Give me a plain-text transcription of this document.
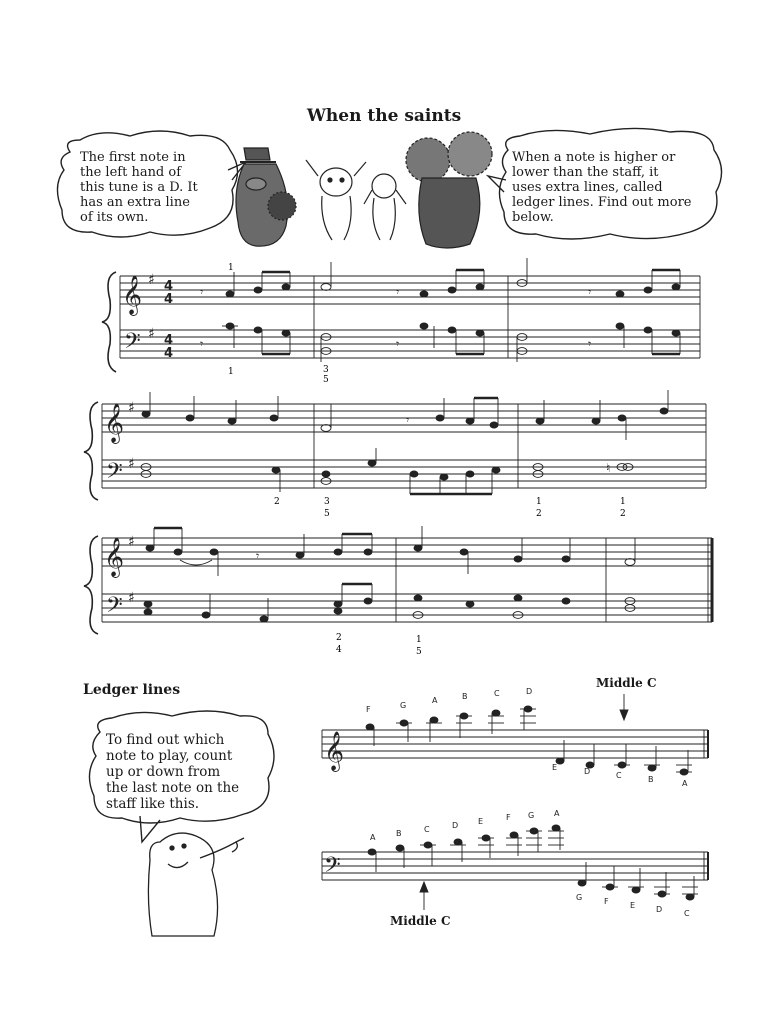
When the saints
𝄞
𝄢
♯
♯
4
4
4
4
𝄾
𝄾
𝄾
𝄾
𝄾
𝄾
1
1	3
5
𝄞
𝄢
♯
♯
𝄾
♮
2	3
5
1
2
1
2
𝄞
𝄢
♯
♯
𝄾
2
4
1
5
𝄞
F	G
A	B	C	D
E	D	C	B	A
𝄢
A	B	C	D E	F G A
G	F	E	D	C
The first note in
the left hand of
this tune is a D. It
has an extra line
of its own.
When a note is higher or
lower than the staff, it
uses extra lines, called
ledger lines. Find out more
below.
Ledger lines
To find out which
note to play, count
up or down from
the last note on the
staff like this.
Middle C
Middle C
